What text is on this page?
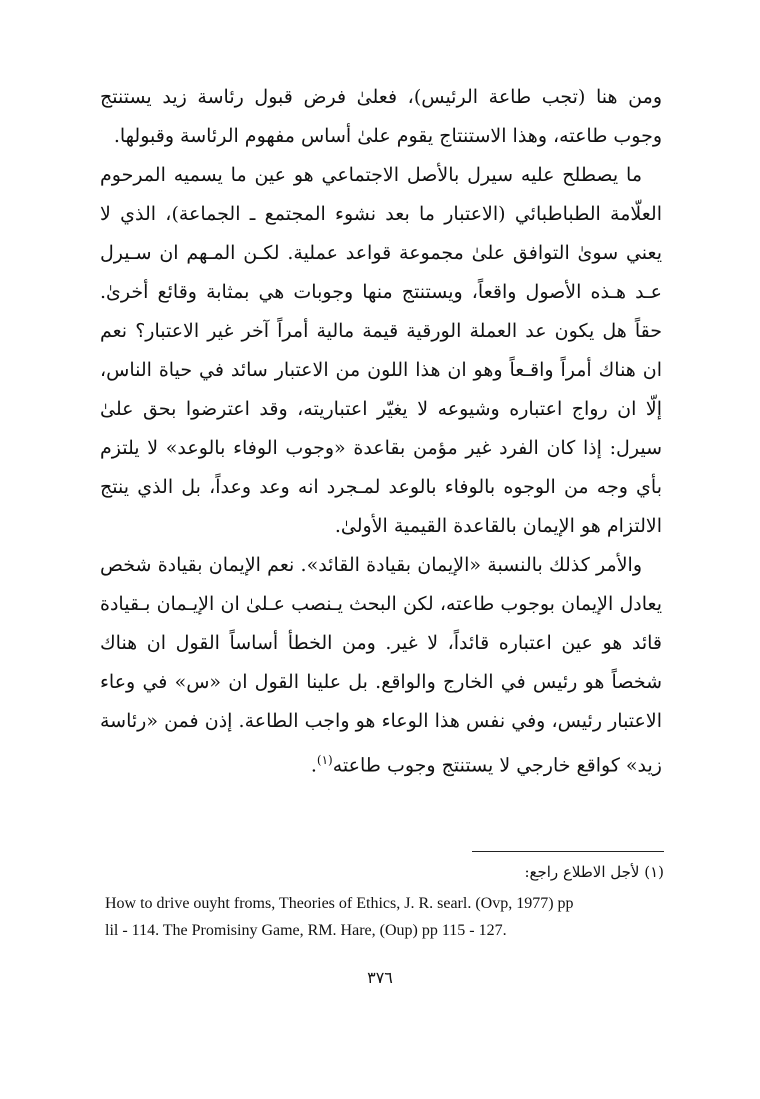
ومن هنا (تجب طاعة الرئيس)، فعلىٰ فرض قبول رئاسة زيد يستنتج وجوب طاعته، وهذا الاستنتاج يقوم علىٰ أساس مفهوم الرئاسة وقبولها.

ما يصطلح عليه سيرل بالأصل الاجتماعي هو عين ما يسميه المرحوم العلّامة الطباطبائي (الاعتبار ما بعد نشوء المجتمع ـ الجماعة)، الذي لا يعني سوىٰ التوافق علىٰ مجموعة قواعد عملية. لكـن المـهم ان سـيرل عـد هـذه الأصول واقعاً، ويستنتج منها وجوبات هي بمثابة وقائع أخرىٰ. حقاً هل يكون عد العملة الورقية قيمة مالية أمراً آخر غير الاعتبار؟ نعم ان هناك أمراً واقـعاً وهو ان هذا اللون من الاعتبار سائد في حياة الناس، إلّا ان رواج اعتباره وشيوعه لا يغيّر اعتباريته، وقد اعترضوا بحق علىٰ سيرل: إذا كان الفرد غير مؤمن بقاعدة «وجوب الوفاء بالوعد» لا يلتزم بأي وجه من الوجوه بالوفاء بالوعد لمـجرد انه وعد وعداً، بل الذي ينتج الالتزام هو الإيمان بالقاعدة القيمية الأولىٰ.

والأمر كذلك بالنسبة «الإيمان بقيادة القائد». نعم الإيمان بقيادة شخص يعادل الإيمان بوجوب طاعته، لكن البحث يـنصب عـلىٰ ان الإيـمان بـقيادة قائد هو عين اعتباره قائداً، لا غير. ومن الخطأ أساساً القول ان هناك شخصاً هو رئيس في الخارج والواقع. بل علينا القول ان «س» في وعاء الاعتبار رئيس، وفي نفس هذا الوعاء هو واجب الطاعة. إذن فمن «رئاسة زيد» كواقع خارجي لا يستنتج وجوب طاعته$^{(١)}$.

(١) لأجل الاطلاع راجع:
How to drive ouyht froms, Theories of Ethics, J. R. searl. (Ovp, 1977) pp
lil - 114. The Promisiny Game, RM. Hare, (Oup) pp 115 - 127.
٣٧٦
